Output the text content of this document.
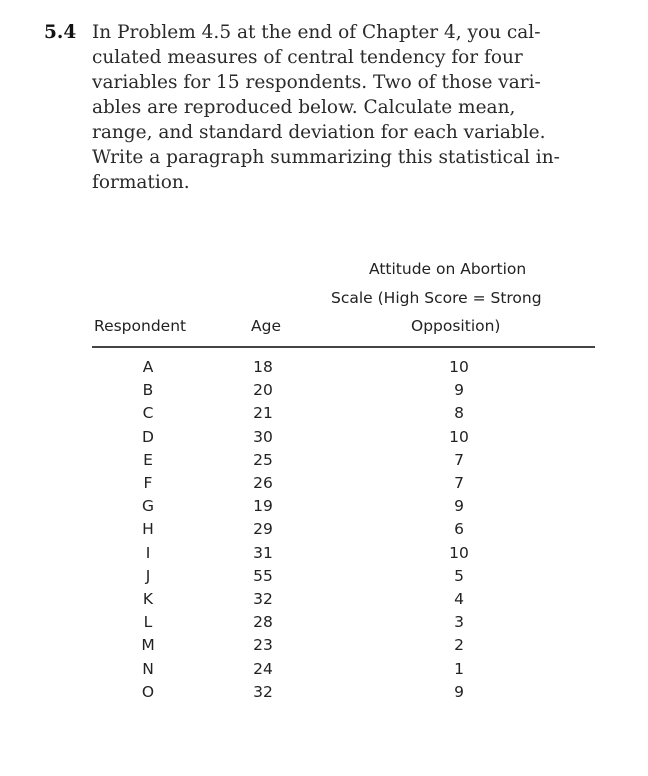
5.4 In Problem 4.5 at the end of Chapter 4, you cal-
culated measures of central tendency for four
variables for 15 respondents. Two of those vari-
ables are reproduced below. Calculate mean,
range, and standard deviation for each variable.
Write a paragraph summarizing this statistical in-
formation.
Attitude on Abortion
Scale (High Score = Strong
Respondent	Age	Opposition)
A	18	10
B	20	9
C	21	8
D	30	10
E	25	7
F	26	7
G	19	9
H	29	6
I	31	10
J	55	5
K	32	4
L	28	3
M	23	2
N	24	1
O	32	9
